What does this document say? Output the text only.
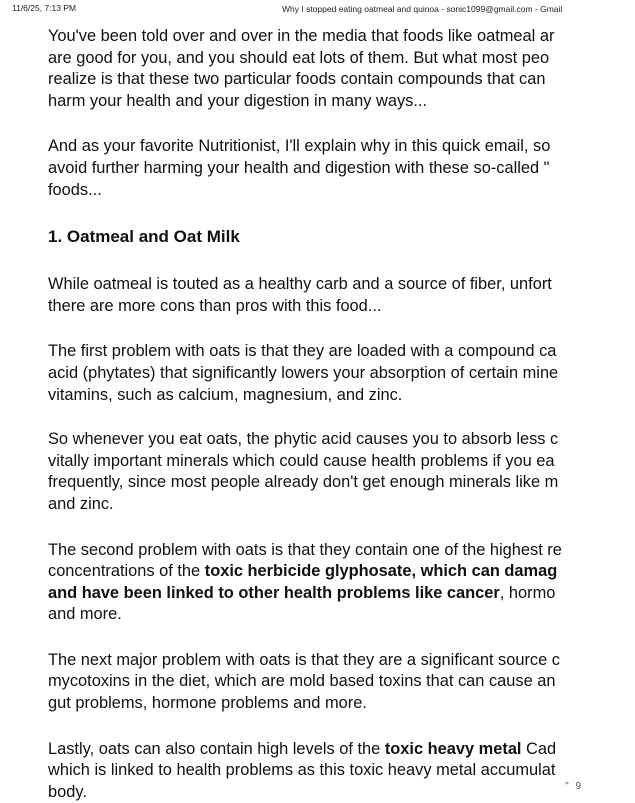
11/6/25, 7:13 PM	Why I stopped eating oatmeal and quinoa - sonic1099@gmail.com - Gmail

You've been told over and over in the media that foods like oatmeal ar
are good for you, and you should eat lots of them. But what most peo
realize is that these two particular foods contain compounds that can
harm your health and your digestion in many ways...

And as your favorite Nutritionist, I'll explain why in this quick email, so
avoid further harming your health and digestion with these so-called "
foods...

1. Oatmeal and Oat Milk

While oatmeal is touted as a healthy carb and a source of fiber, unfort
there are more cons than pros with this food...

The first problem with oats is that they are loaded with a compound ca
acid (phytates) that significantly lowers your absorption of certain mine
vitamins, such as calcium, magnesium, and zinc.

So whenever you eat oats, the phytic acid causes you to absorb less c
vitally important minerals which could cause health problems if you ea
frequently, since most people already don't get enough minerals like m
and zinc.

The second problem with oats is that they contain one of the highest re
concentrations of the toxic herbicide glyphosate, which can damag
and have been linked to other health problems like cancer, hormo
and more.

The next major problem with oats is that they are a significant source c
mycotoxins in the diet, which are mold based toxins that can cause an
gut problems, hormone problems and more.

Lastly, oats can also contain high levels of the toxic heavy metal Cad
which is linked to health problems as this toxic heavy metal accumulat
body.	" 9
